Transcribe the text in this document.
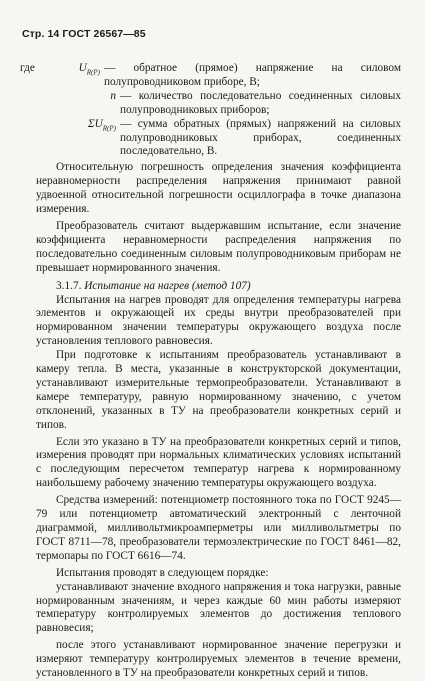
Стр. 14 ГОСТ 26567—85
где	$U_{R(P)}$ — обратное (прямое) напряжение на силовом полупроводниковом приборе, В;
n — количество последовательно соединенных силовых полупроводниковых приборов;
$\Sigma U_{R(P)}$ — сумма обратных (прямых) напряжений на силовых полупроводниковых приборах, соединенных последовательно, В.

Относительную погрешность определения значения коэффициента неравномерности распределения напряжения принимают равной удвоенной относительной погрешности осциллографа в точке диапазона измерения.

Преобразователь считают выдержавшим испытание, если значение коэффициента неравномерности распределения напряжения по последовательно соединенным силовым полупроводниковым приборам не превышает нормированного значения.

3.1.7. Испытание на нагрев (метод 107)

Испытания на нагрев проводят для определения температуры нагрева элементов и окружающей их среды внутри преобразователей при нормированном значении температуры окружающего воздуха после установления теплового равновесия.

При подготовке к испытаниям преобразователь устанавливают в камеру тепла. В места, указанные в конструкторской документации, устанавливают измерительные термопреобразователи. Устанавливают в камере температуру, равную нормированному значению, с учетом отклонений, указанных в ТУ на преобразователи конкретных серий и типов.

Если это указано в ТУ на преобразователи конкретных серий и типов, измерения проводят при нормальных климатических условиях испытаний с последующим пересчетом температур нагрева к нормированному наибольшему рабочему значению температуры окружающего воздуха.

Средства измерений: потенциометр постоянного тока по ГОСТ 9245—79 или потенциометр автоматический электронный с ленточной диаграммой, милливольтмикроамперметры или милливольтметры по ГОСТ 8711—78, преобразователи термоэлектрические по ГОСТ 8461—82, термопары по ГОСТ 6616—74.

Испытания проводят в следующем порядке:

устанавливают значение входного напряжения и тока нагрузки, равные нормированным значениям, и через каждые 60 мин работы измеряют температуру контролируемых элементов до достижения теплового равновесия;

после этого устанавливают нормированное значение перегрузки и измеряют температуру контролируемых элементов в течение времени, установленного в ТУ на преобразователи конкретных серий и типов.
